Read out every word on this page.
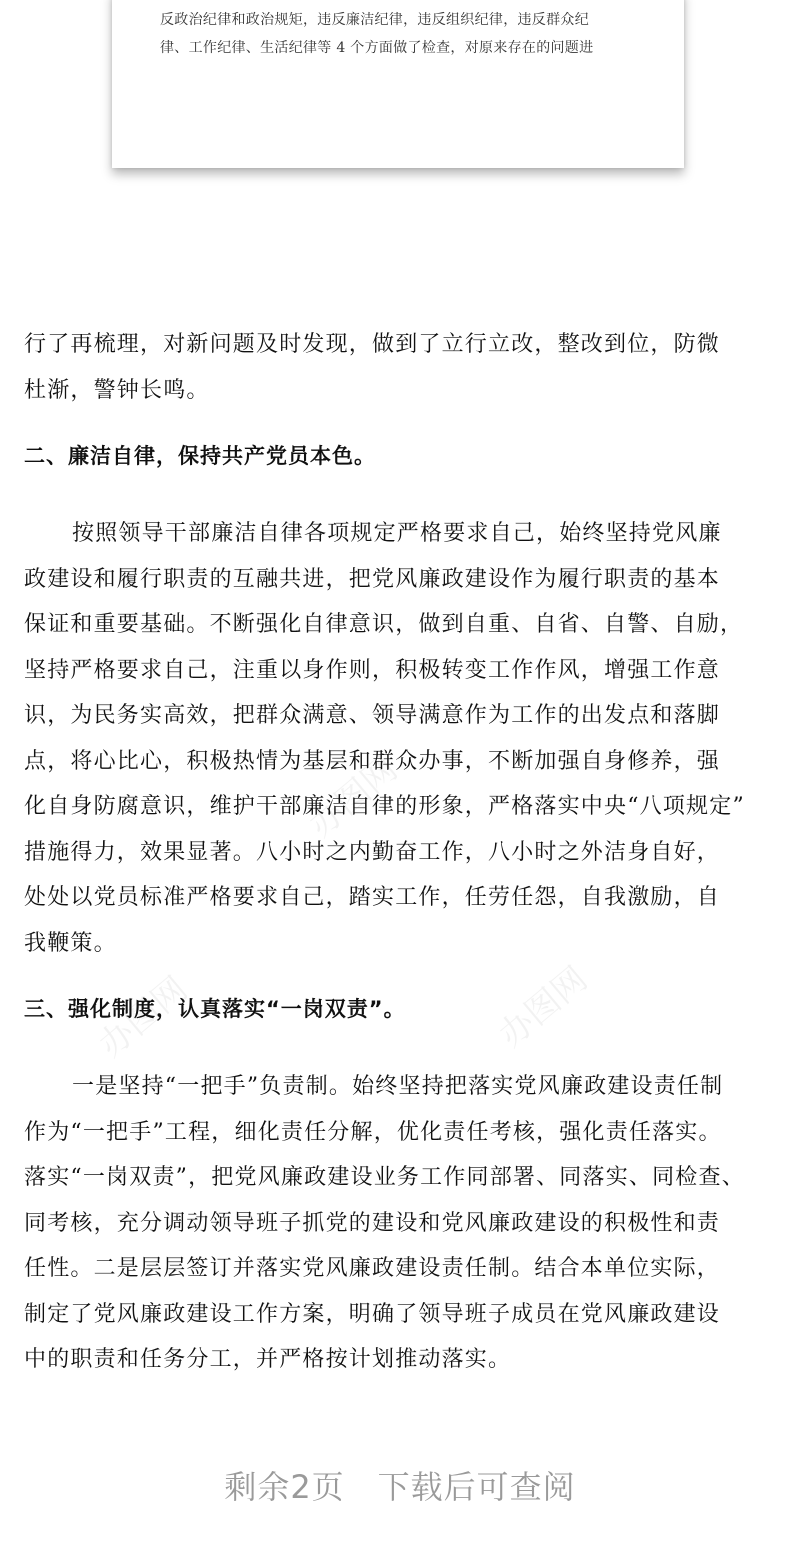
办图网
办图网	办图网
反政治纪律和政治规矩，违反廉洁纪律，违反组织纪律，违反群众纪
律、工作纪律、生活纪律等 4 个方面做了检查，对原来存在的问题进
行了再梳理，对新问题及时发现，做到了立行立改，整改到位，防微
杜渐，警钟长鸣。
二、廉洁自律，保持共产党员本色。
按照领导干部廉洁自律各项规定严格要求自己，始终坚持党风廉
政建设和履行职责的互融共进，把党风廉政建设作为履行职责的基本
保证和重要基础。不断强化自律意识，做到自重、自省、自警、自励，
坚持严格要求自己，注重以身作则，积极转变工作作风，增强工作意
识，为民务实高效，把群众满意、领导满意作为工作的出发点和落脚
点，将心比心，积极热情为基层和群众办事，不断加强自身修养，强
化自身防腐意识，维护干部廉洁自律的形象，严格落实中央“八项规定”
措施得力，效果显著。八小时之内勤奋工作，八小时之外洁身自好，
处处以党员标准严格要求自己，踏实工作，任劳任怨，自我激励，自
我鞭策。
三、强化制度，认真落实“一岗双责”。
一是坚持“一把手”负责制。始终坚持把落实党风廉政建设责任制
作为“一把手”工程，细化责任分解，优化责任考核，强化责任落实。
落实“一岗双责”，把党风廉政建设业务工作同部署、同落实、同检查、
同考核，充分调动领导班子抓党的建设和党风廉政建设的积极性和责
任性。二是层层签订并落实党风廉政建设责任制。结合本单位实际，
制定了党风廉政建设工作方案，明确了领导班子成员在党风廉政建设
中的职责和任务分工，并严格按计划推动落实。
剩余2页　下载后可查阅
